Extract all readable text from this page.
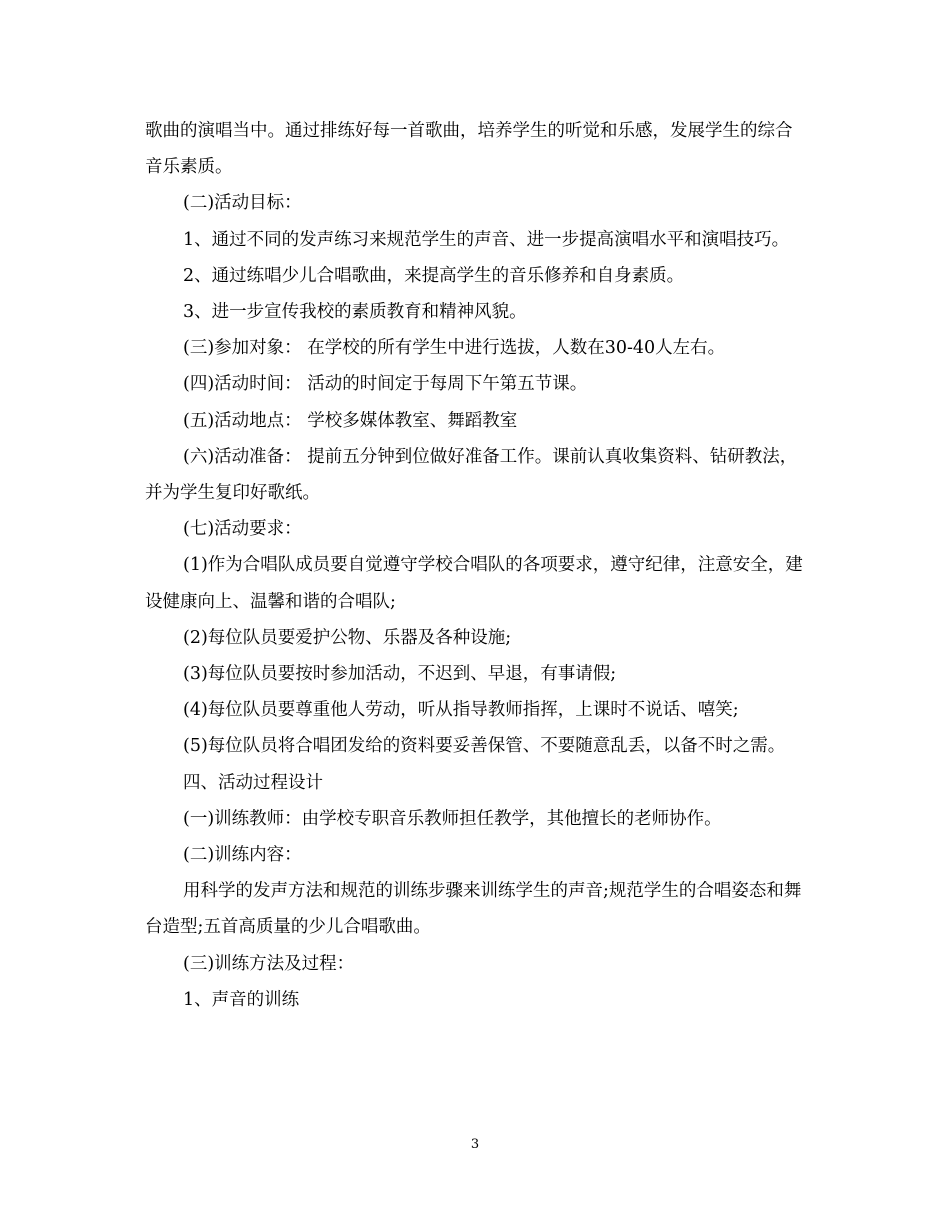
歌曲的演唱当中。通过排练好每一首歌曲，培养学生的听觉和乐感，发展学生的综合音乐素质。

(二)活动目标：

1、通过不同的发声练习来规范学生的声音、进一步提高演唱水平和演唱技巧。

2、通过练唱少儿合唱歌曲，来提高学生的音乐修养和自身素质。

3、进一步宣传我校的素质教育和精神风貌。

(三)参加对象： 在学校的所有学生中进行选拔，人数在30-40人左右。

(四)活动时间： 活动的时间定于每周下午第五节课。

(五)活动地点： 学校多媒体教室、舞蹈教室

(六)活动准备： 提前五分钟到位做好准备工作。课前认真收集资料、钻研教法，并为学生复印好歌纸。

(七)活动要求：

(1)作为合唱队成员要自觉遵守学校合唱队的各项要求，遵守纪律，注意安全，建设健康向上、温馨和谐的合唱队;

(2)每位队员要爱护公物、乐器及各种设施;

(3)每位队员要按时参加活动，不迟到、早退，有事请假;

(4)每位队员要尊重他人劳动，听从指导教师指挥，上课时不说话、嘻笑;

(5)每位队员将合唱团发给的资料要妥善保管、不要随意乱丢，以备不时之需。

四、活动过程设计

(一)训练教师：由学校专职音乐教师担任教学，其他擅长的老师协作。

(二)训练内容：

用科学的发声方法和规范的训练步骤来训练学生的声音;规范学生的合唱姿态和舞台造型;五首高质量的少儿合唱歌曲。

(三)训练方法及过程：

1、声音的训练

3
